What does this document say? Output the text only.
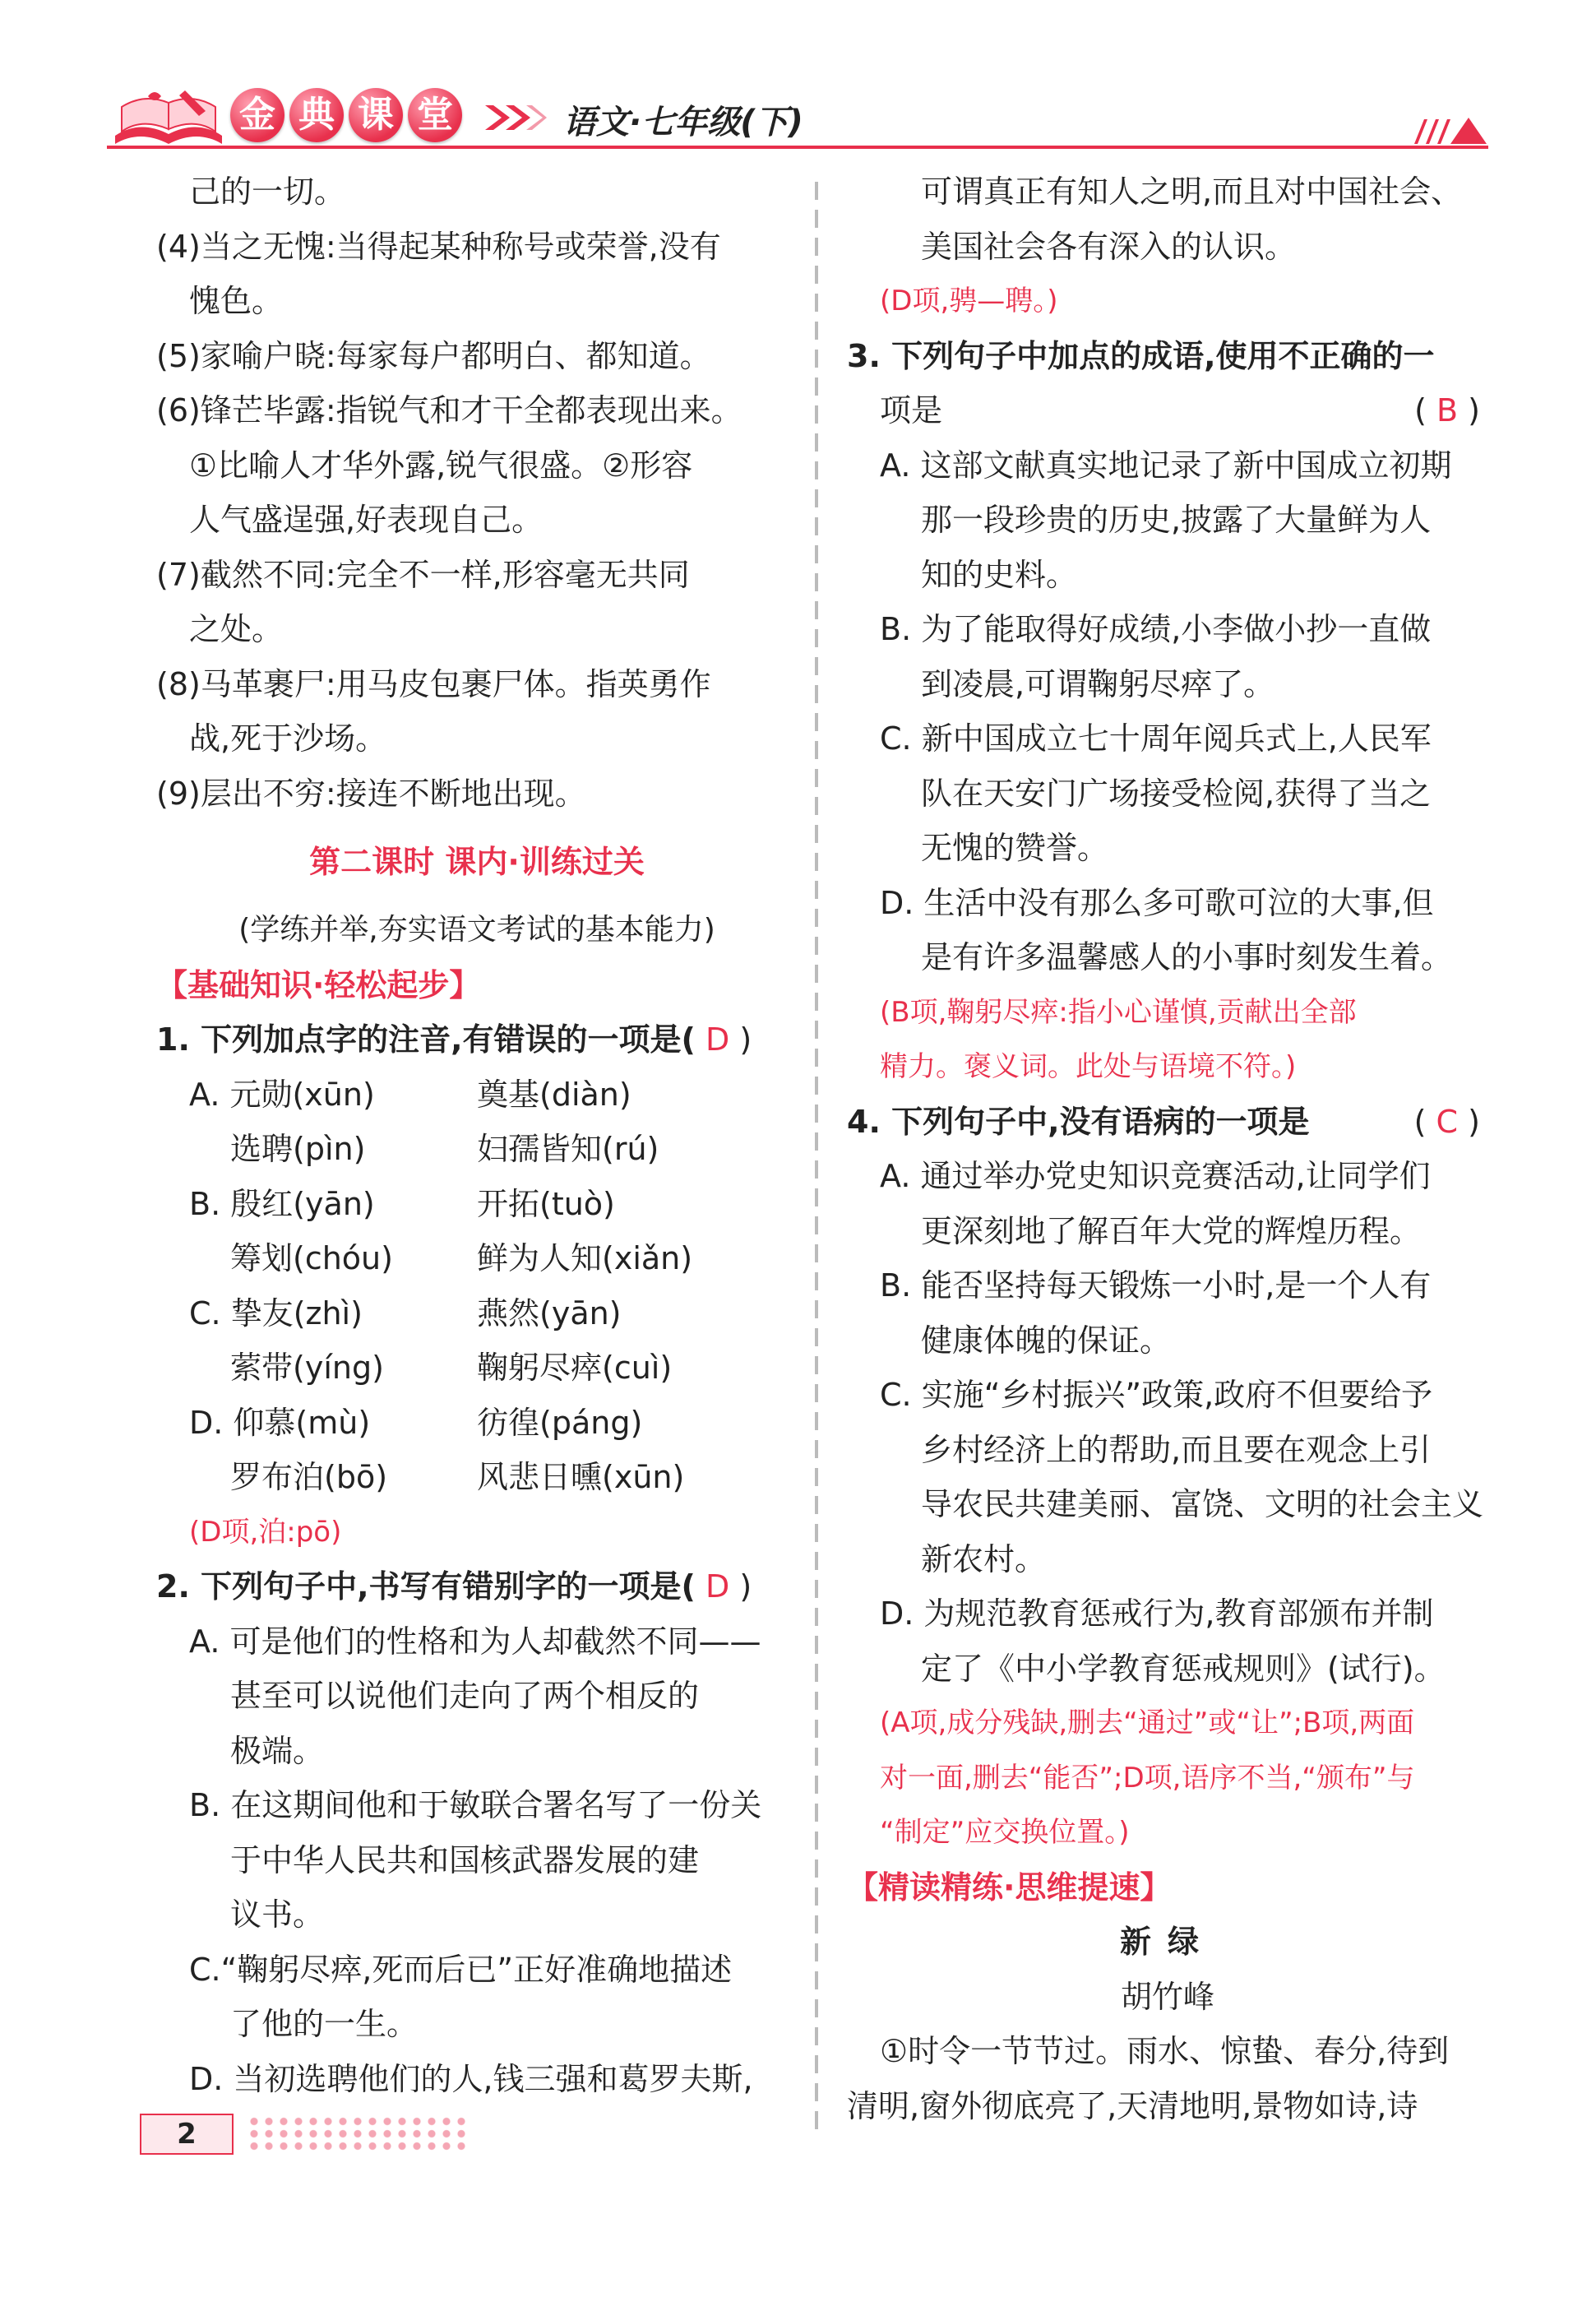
金 典 课 堂	语文·七年级(下)
己的一切。
(4)当之无愧:当得起某种称号或荣誉,没有
愧色。
(5)家喻户晓:每家每户都明白、都知道。
(6)锋芒毕露:指锐气和才干全都表现出来。
①比喻人才华外露,锐气很盛。②形容
人气盛逞强,好表现自己。
(7)截然不同:完全不一样,形容毫无共同
之处。
(8)马革裹尸:用马皮包裹尸体。指英勇作
战,死于沙场。
(9)层出不穷:接连不断地出现。
第二课时 课内·训练过关
(学练并举,夯实语文考试的基本能力)
【基础知识·轻松起步】
1. 下列加点字的注音,有错误的一项是( D )
A. 元勋(xūn)	奠基(diàn)
选聘(pìn)	妇孺皆知(rú)
B. 殷红(yān)	开拓(tuò)
筹划(chóu)	鲜为人知(xiǎn)
C. 挚友(zhì)	燕然(yān)
萦带(yíng)	鞠躬尽瘁(cuì)
D. 仰慕(mù)	彷徨(páng)
罗布泊(bō)	风悲日曛(xūn)
(D项,泊:pō)
2. 下列句子中,书写有错别字的一项是( D )
A. 可是他们的性格和为人却截然不同——
甚至可以说他们走向了两个相反的
极端。
B. 在这期间他和于敏联合署名写了一份关
于中华人民共和国核武器发展的建
议书。
C.“鞠躬尽瘁,死而后已”正好准确地描述
了他的一生。
D. 当初选聘他们的人,钱三强和葛罗夫斯,
可谓真正有知人之明,而且对中国社会、
美国社会各有深入的认识。
(D项,骋—聘。)
3. 下列句子中加点的成语,使用不正确的一
项是	( B )
A. 这部文献真实地记录了新中国成立初期
那一段珍贵的历史,披露了大量鲜为人
知的史料。
B. 为了能取得好成绩,小李做小抄一直做
到凌晨,可谓鞠躬尽瘁了。
C. 新中国成立七十周年阅兵式上,人民军
队在天安门广场接受检阅,获得了当之
无愧的赞誉。
D. 生活中没有那么多可歌可泣的大事,但
是有许多温馨感人的小事时刻发生着。
(B项,鞠躬尽瘁:指小心谨慎,贡献出全部
精力。褒义词。此处与语境不符。)
4. 下列句子中,没有语病的一项是	( C )
A. 通过举办党史知识竞赛活动,让同学们
更深刻地了解百年大党的辉煌历程。
B. 能否坚持每天锻炼一小时,是一个人有
健康体魄的保证。
C. 实施“乡村振兴”政策,政府不但要给予
乡村经济上的帮助,而且要在观念上引
导农民共建美丽、富饶、文明的社会主义
新农村。
D. 为规范教育惩戒行为,教育部颁布并制
定了《中小学教育惩戒规则》(试行)。
(A项,成分残缺,删去“通过”或“让”;B项,两面
对一面,删去“能否”;D项,语序不当,“颁布”与
“制定”应交换位置。)
【精读精练·思维提速】
新绿
胡竹峰
①时令一节节过。雨水、惊蛰、春分,待到
清明,窗外彻底亮了,天清地明,景物如诗,诗
2
